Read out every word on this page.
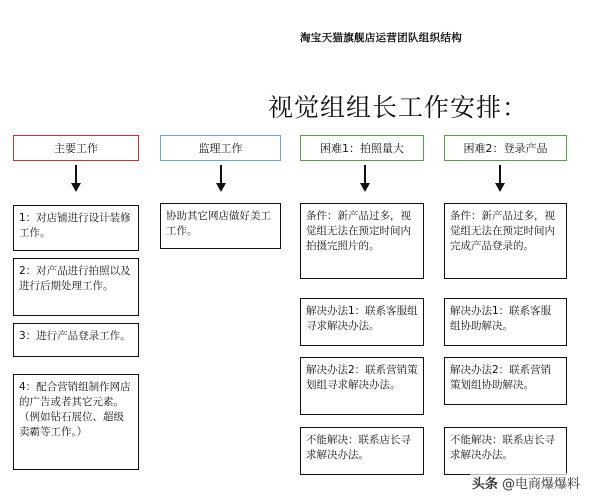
淘宝天猫旗舰店运营团队组织结构
视觉组组长工作安排：
主要工作
1：对店铺进行设计装修工作。
2：对产品进行拍照以及进行后期处理工作。
3：进行产品登录工作。
4：配合营销组制作网店的广告或者其它元素。（例如钻石展位、超级卖霸等工作。）
监理工作
协助其它网店做好美工工作。
困难1：拍照量大
条件：新产品过多，视觉组无法在预定时间内拍摄完照片的。
解决办法1：联系客服组寻求解决办法。
解决办法2：联系营销策划组寻求解决办法。
不能解决：联系店长寻求解决办法。
困难2：登录产品
条件：新产品过多，视觉组无法在预定时间内完成产品登录的。
解决办法1：联系客服组协助解决。
解决办法2：联系营销策划组协助解决。
不能解决：联系店长寻求解决办法。
头条 @电商爆爆料
